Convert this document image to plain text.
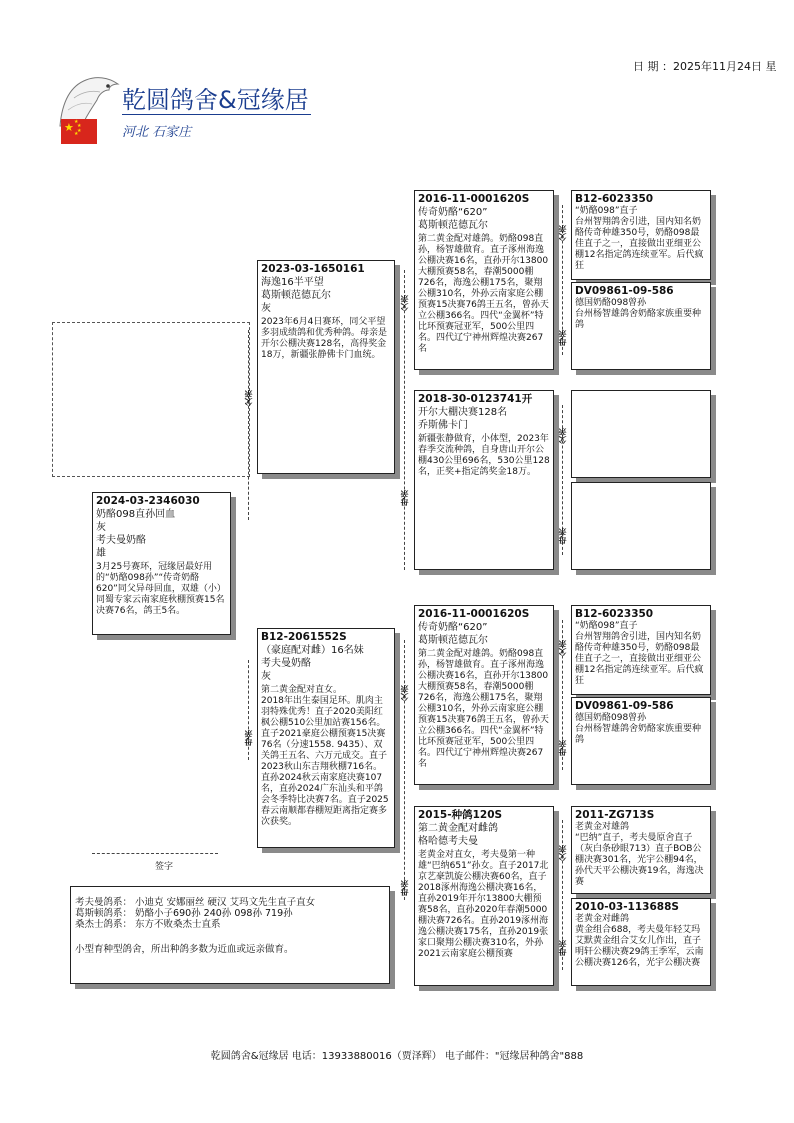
日 期 ：2025年11月24日 星
乾圆鸽舍&冠缘居
河北 石家庄
★ ★
★
★
★
2024-03-2346030
奶酪098直孙回血
灰
考夫曼奶酪
雄
3月25号赛环，冠缘居最好用的“奶酪098孙”“传奇奶酪620”同父异母回血，双雄（小）同蜀专家云南家庭秋棚预赛15名决赛76名，鸽王5名。
2023-03-1650161
海逸16半平望
葛斯顿范德瓦尔
灰
2023年6月4日赛环，同父平望多羽成绩鸽和优秀种鸽。母亲是开尔公棚决赛128名，高得奖金18万，新疆张静佛卡门血统。
B12-2061552S
（豪庭配对雌）16名妹
考夫曼奶酪
灰
第二黄金配对直女。
2018年出生泰国足环。肌肉主羽特殊优秀！直子2020美阳红枫公棚510公里加站赛156名。直子2021豪庭公棚预赛15决赛76名（分速1558. 9435）、双关鸽王五名、六万元成交。直子2023秋山东吉翔秋棚716名。直孙2024秋云南家庭决赛107名，直孙2024广东汕头和平鸽会冬季特比决赛7名。直子2025春云南顺都春棚短距离指定赛多次获奖。
2016-11-0001620S
传奇奶酪“620”
葛斯顿范德瓦尔
第二黄金配对雄鸽。奶酪098直孙，杨智雄做育。直子涿州海逸公棚决赛16名，直孙开尔13800大棚预赛58名，春潮5000棚726名，海逸公棚175名，聚翔公棚310名，外孙云南家庭公棚预赛15决赛76鸽王五名，曾孙天立公棚366名。四代“金翼杯”特比环预赛冠亚军，500公里四名。四代辽宁神州辉煌决赛267名
2018-30-0123741开
开尔大棚决赛128名
乔斯佛卡门
新疆张静做育，小体型，2023年春季交流种鸽，自身唐山开尔公棚430公里696名，530公里128名，正奖+指定鸽奖金18万。
2016-11-0001620S
传奇奶酪“620”
葛斯顿范德瓦尔
第二黄金配对雄鸽。奶酪098直孙，杨智雄做育。直子涿州海逸公棚决赛16名，直孙开尔13800大棚预赛58名，春潮5000棚726名，海逸公棚175名，聚翔公棚310名，外孙云南家庭公棚预赛15决赛76鸽王五名，曾孙天立公棚366名。四代“金翼杯”特比环预赛冠亚军，500公里四名。四代辽宁神州辉煌决赛267名
2015-种鸽120S
第二黄金配对雌鸽
格哈德考夫曼
老黄金对直女，考夫曼第一种雄“巴纳651”孙女。直子2017北京艺豪凯旋公棚决赛60名，直子2018涿州海逸公棚决赛16名，直孙2019年开尔13800大棚预赛58名，直孙2020年春潮5000棚决赛726名。直孙2019涿州海逸公棚决赛175名，直孙2019张家口聚翔公棚决赛310名，外孙2021云南家庭公棚预赛
B12-6023350
“奶酪098”直子
台州智翔鸽舍引进，国内知名奶酪传奇种雄350号，奶酪098最佳直子之一，直接做出亚细亚公棚12名指定鸽连续亚军。后代疯狂
DV09861-09-586
德国奶酪098曾孙
台州杨智雄鸽舍奶酪家族重要种鸽
B12-6023350
“奶酪098”直子
台州智翔鸽舍引进，国内知名奶酪传奇种雄350号，奶酪098最佳直子之一，直接做出亚细亚公棚12名指定鸽连续亚军。后代疯狂
DV09861-09-586
德国奶酪098曾孙
台州杨智雄鸽舍奶酪家族重要种鸽
2011-ZG713S
老黄金对雄鸽
“巴纳”直子，考夫曼原舍直子（灰白条砂眼713）直子BOB公棚决赛301名，光宇公棚94名，孙代天平公棚决赛19名，海逸决赛
2010-03-113688S
老黄金对雌鸽
黄金组合688，考夫曼年轻艾玛艾默黄金组合艾女儿作出，直子明轩公棚决赛29鸽王季军，云南公棚决赛126名，光宇公棚决赛
父亲
母亲
父亲
母亲
父亲
母亲
父亲
母亲
父亲
母亲
父亲
母亲
父亲
母亲
签字
考夫曼鸽系： 小迪克 安娜丽丝 硬汉 艾玛文先生直子直女
葛斯顿鸽系： 奶酪小子690孙 240孙 098孙 719孙
桑杰士鸽系： 东方不败桑杰士直系
小型育种型鸽舍，所出种鸽多数为近血或远亲做育。
乾圆鸽舍&冠缘居 电话：13933880016（贾泽辉） 电子邮件："冠缘居种鸽舍"888
